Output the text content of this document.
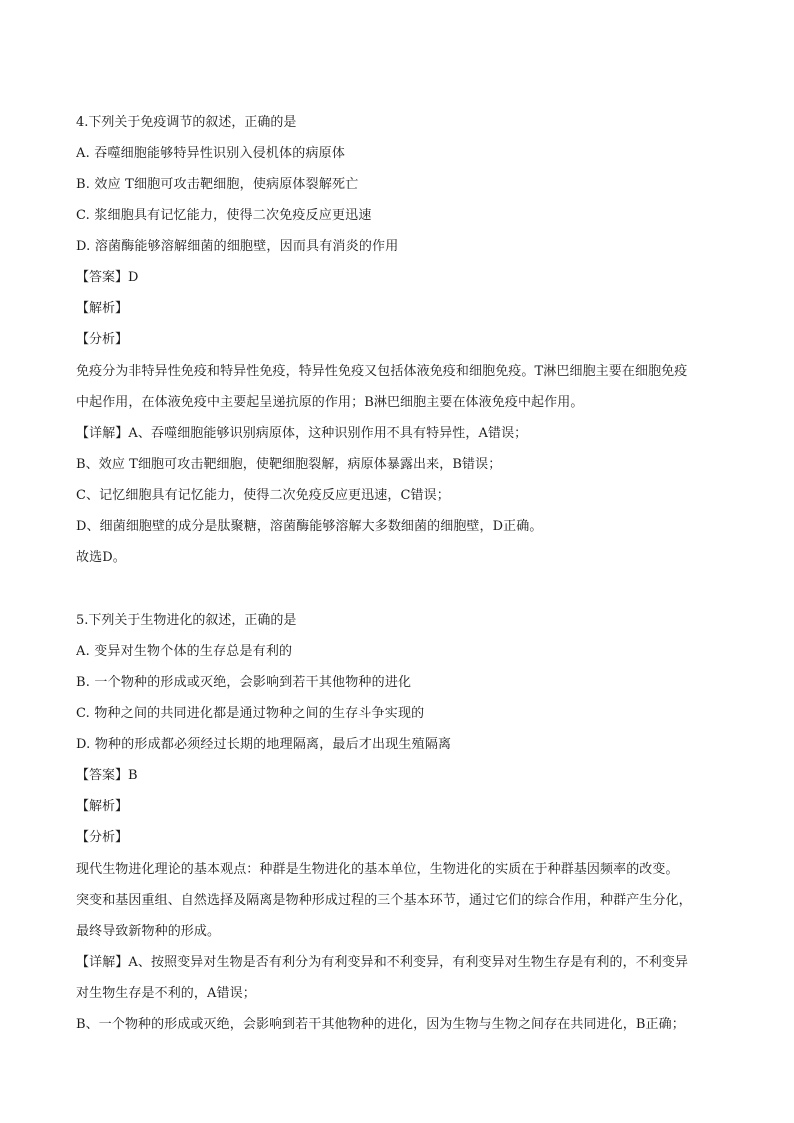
4.下列关于免疫调节的叙述，正确的是
A. 吞噬细胞能够特异性识别入侵机体的病原体
B. 效应 T细胞可攻击靶细胞，使病原体裂解死亡
C. 浆细胞具有记忆能力，使得二次免疫反应更迅速
D. 溶菌酶能够溶解细菌的细胞壁，因而具有消炎的作用
【答案】D
【解析】
【分析】
免疫分为非特异性免疫和特异性免疫，特异性免疫又包括体液免疫和细胞免疫。T淋巴细胞主要在细胞免疫
中起作用，在体液免疫中主要起呈递抗原的作用；B淋巴细胞主要在体液免疫中起作用。
【详解】A、吞噬细胞能够识别病原体，这种识别作用不具有特异性，A错误；
B、效应 T细胞可攻击靶细胞，使靶细胞裂解，病原体暴露出来，B错误；
C、记忆细胞具有记忆能力，使得二次免疫反应更迅速，C错误；
D、细菌细胞壁的成分是肽聚糖，溶菌酶能够溶解大多数细菌的细胞壁，D正确。
故选D。
5.下列关于生物进化的叙述，正确的是
A. 变异对生物个体的生存总是有利的
B. 一个物种的形成或灭绝，会影响到若干其他物种的进化
C. 物种之间的共同进化都是通过物种之间的生存斗争实现的
D. 物种的形成都必须经过长期的地理隔离，最后才出现生殖隔离
【答案】B
【解析】
【分析】
现代生物进化理论的基本观点：种群是生物进化的基本单位，生物进化的实质在于种群基因频率的改变。
突变和基因重组、自然选择及隔离是物种形成过程的三个基本环节，通过它们的综合作用，种群产生分化，
最终导致新物种的形成。
【详解】A、按照变异对生物是否有利分为有利变异和不利变异，有利变异对生物生存是有利的，不利变异
对生物生存是不利的，A错误；
B、一个物种的形成或灭绝，会影响到若干其他物种的进化，因为生物与生物之间存在共同进化，B正确；
